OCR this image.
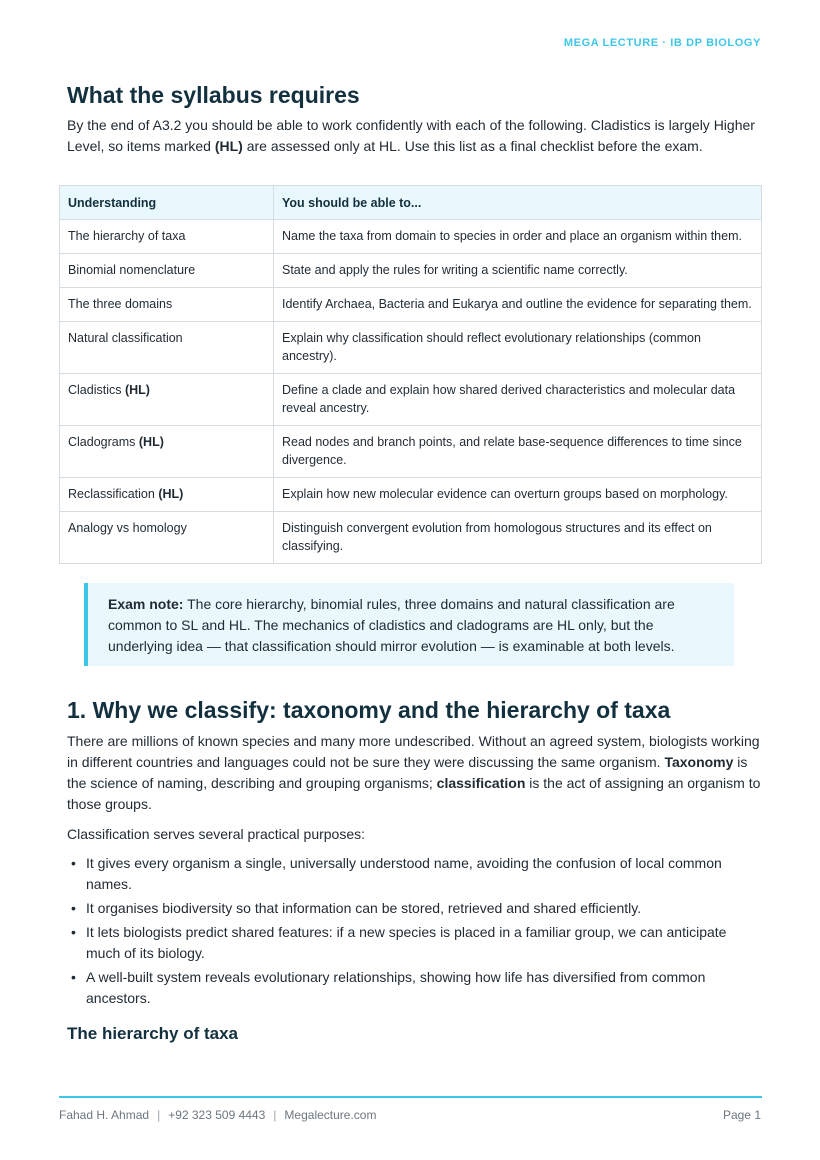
MEGA LECTURE · IB DP BIOLOGY
What the syllabus requires

By the end of A3.2 you should be able to work confidently with each of the following. Cladistics is largely Higher Level, so items marked (HL) are assessed only at HL. Use this list as a final checklist before the exam.

Understanding	You should be able to...
The hierarchy of taxa	Name the taxa from domain to species in order and place an organism within them.
Binomial nomenclature	State and apply the rules for writing a scientific name correctly.
The three domains	Identify Archaea, Bacteria and Eukarya and outline the evidence for separating them.
Natural classification	Explain why classification should reflect evolutionary relationships (common ancestry).
Cladistics (HL)	Define a clade and explain how shared derived characteristics and molecular data reveal ancestry.
Cladograms (HL)	Read nodes and branch points, and relate base-sequence differences to time since divergence.
Reclassification (HL)	Explain how new molecular evidence can overturn groups based on morphology.
Analogy vs homology	Distinguish convergent evolution from homologous structures and its effect on classifying.
Exam note: The core hierarchy, binomial rules, three domains and natural classification are common to SL and HL. The mechanics of cladistics and cladograms are HL only, but the underlying idea — that classification should mirror evolution — is examinable at both levels.
1. Why we classify: taxonomy and the hierarchy of taxa

There are millions of known species and many more undescribed. Without an agreed system, biologists working in different countries and languages could not be sure they were discussing the same organism. Taxonomy is the science of naming, describing and grouping organisms; classification is the act of assigning an organism to those groups.

Classification serves several practical purposes:

• It gives every organism a single, universally understood name, avoiding the confusion of local common names.
• It organises biodiversity so that information can be stored, retrieved and shared efficiently.
• It lets biologists predict shared features: if a new species is placed in a familiar group, we can anticipate much of its biology.
• A well-built system reveals evolutionary relationships, showing how life has diversified from common ancestors.
The hierarchy of taxa
Fahad H. Ahmad | +92 323 509 4443 | Megalecture.com	Page 1
